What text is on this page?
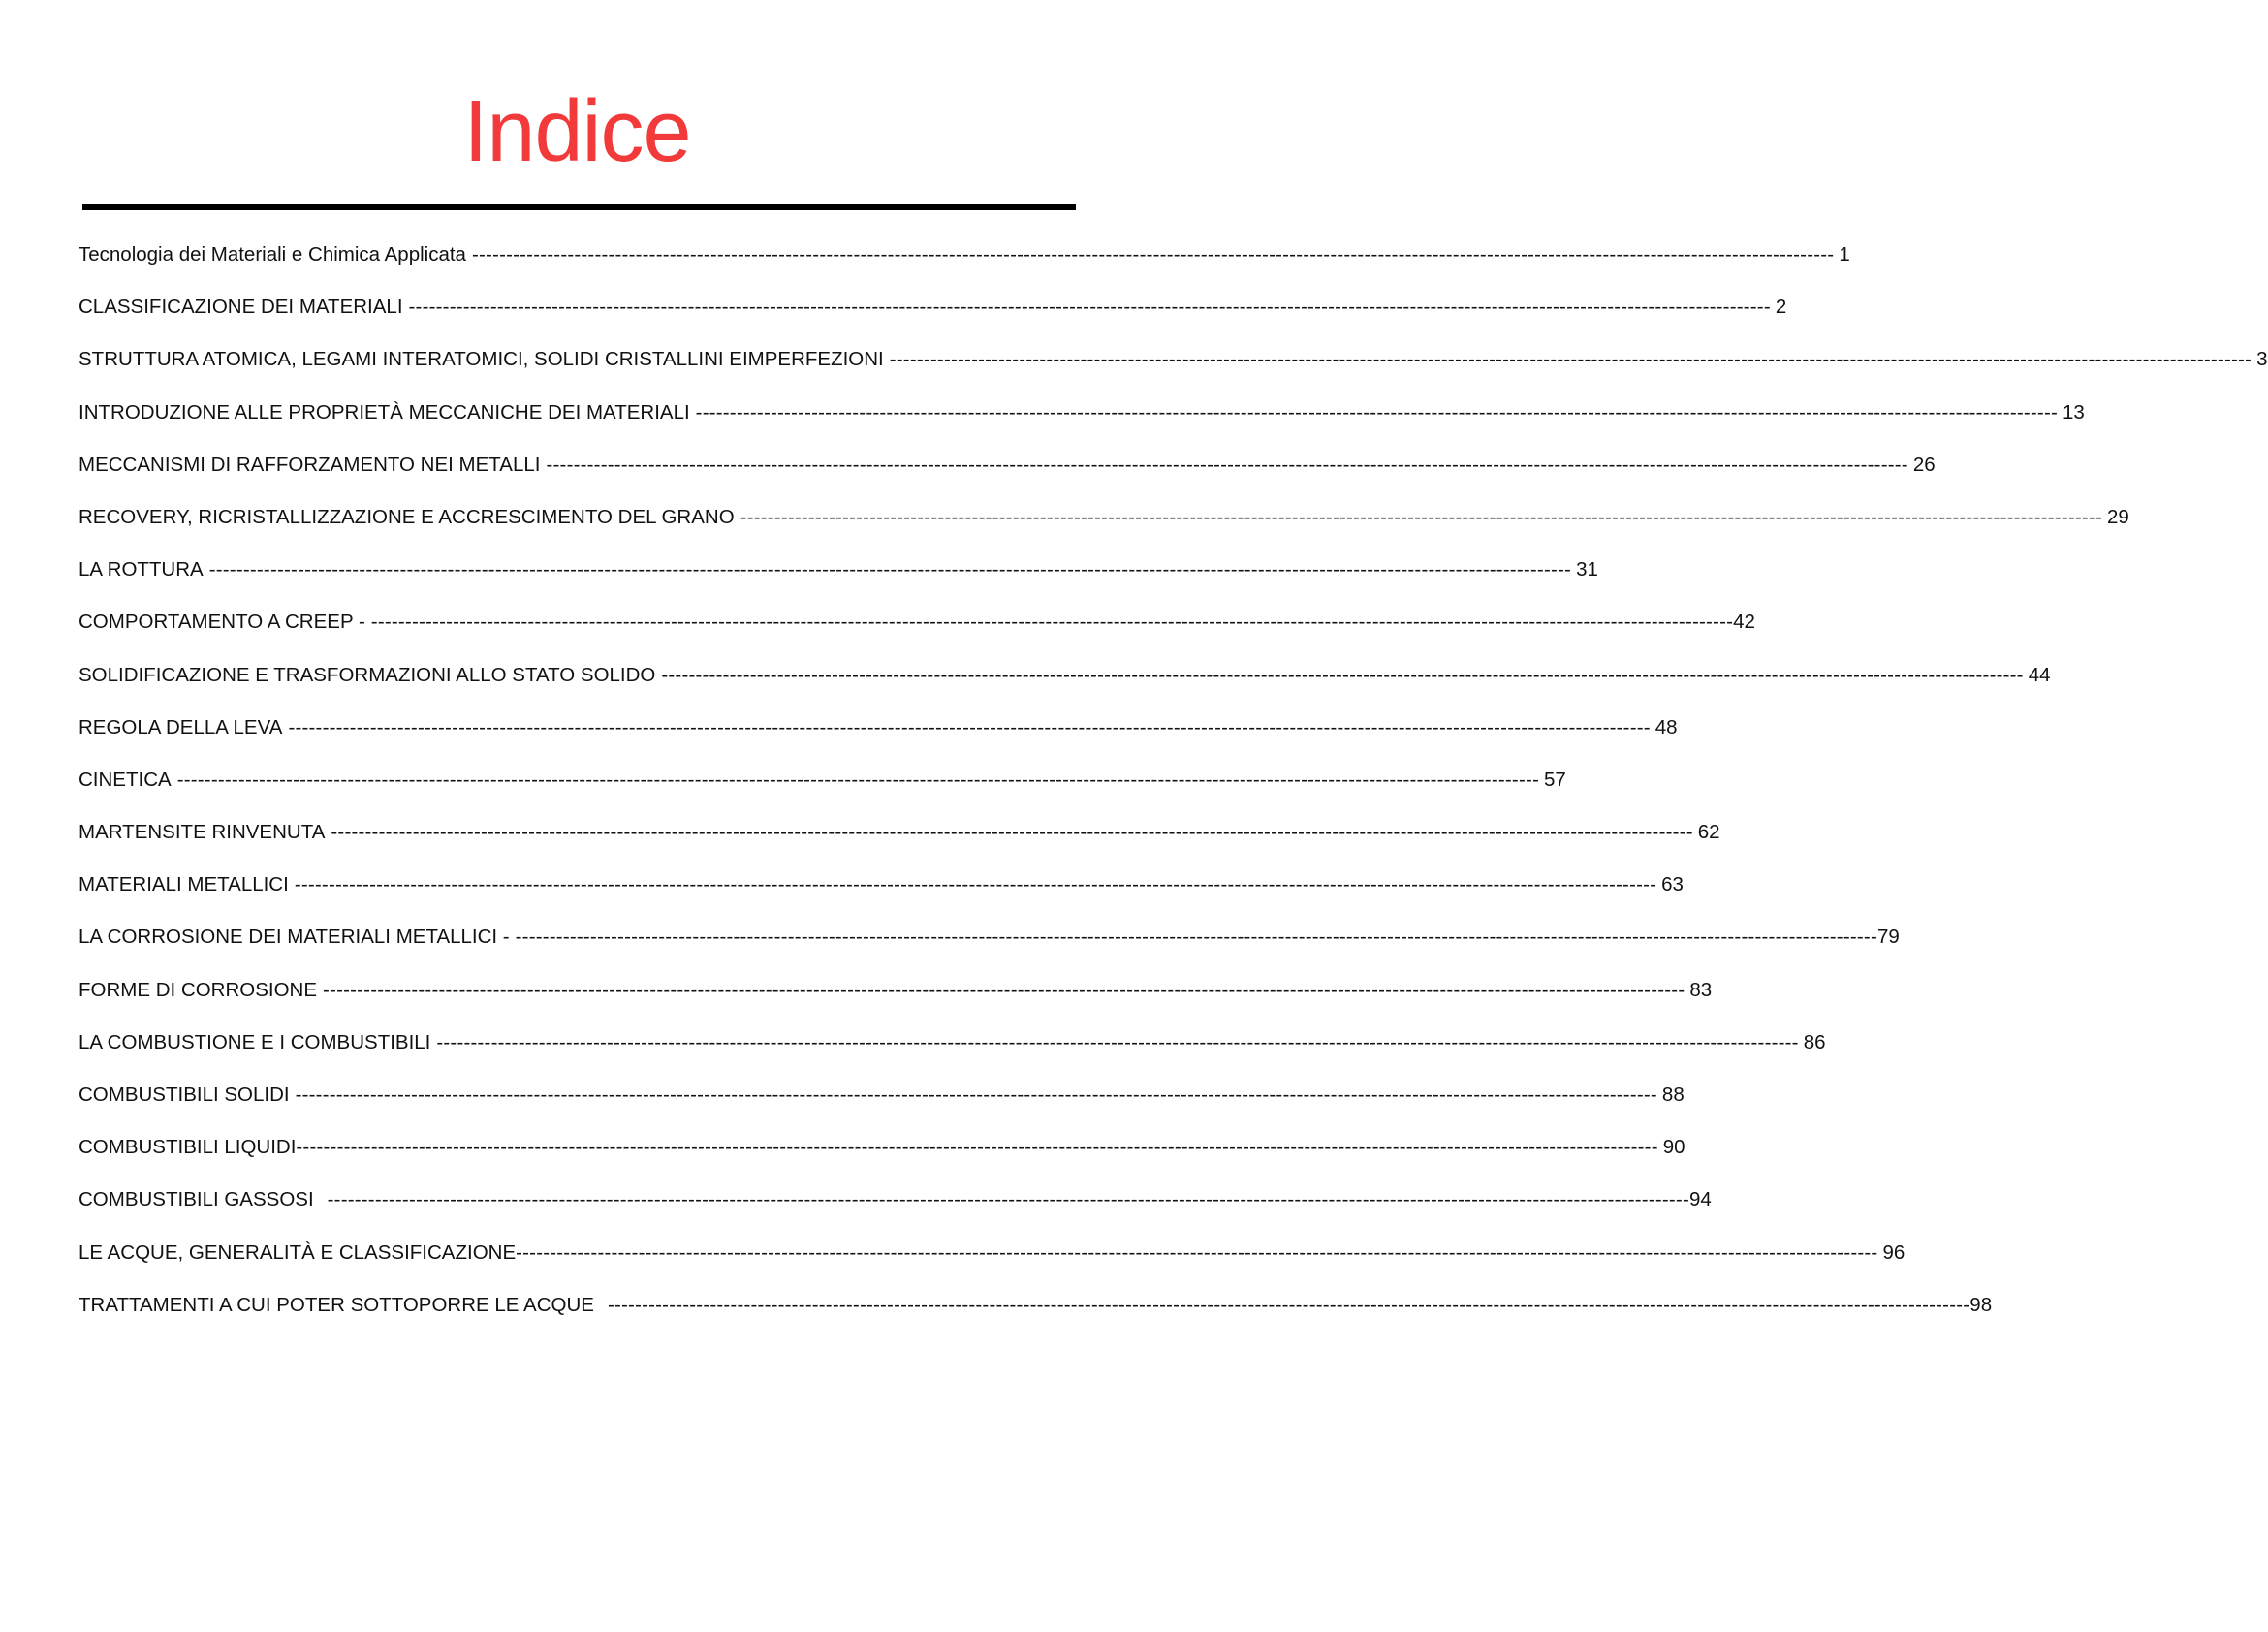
Indice
Tecnologia dei Materiali e Chimica Applicata -------------------------------------------------------------------------------------------------------------------------------------------------------------------------------------------------------- 1
CLASSIFICAZIONE DEI MATERIALI -------------------------------------------------------------------------------------------------------------------------------------------------------------------------------------------------------- 2
STRUTTURA ATOMICA, LEGAMI INTERATOMICI, SOLIDI CRISTALLINI EIMPERFEZIONI -------------------------------------------------------------------------------------------------------------------------------------------------------------------------------------------------------- 3
INTRODUZIONE ALLE PROPRIETÀ MECCANICHE DEI MATERIALI -------------------------------------------------------------------------------------------------------------------------------------------------------------------------------------------------------- 13
MECCANISMI DI RAFFORZAMENTO NEI METALLI -------------------------------------------------------------------------------------------------------------------------------------------------------------------------------------------------------- 26
RECOVERY, RICRISTALLIZZAZIONE E ACCRESCIMENTO DEL GRANO -------------------------------------------------------------------------------------------------------------------------------------------------------------------------------------------------------- 29
LA ROTTURA -------------------------------------------------------------------------------------------------------------------------------------------------------------------------------------------------------- 31
COMPORTAMENTO A CREEP - -------------------------------------------------------------------------------------------------------------------------------------------------------------------------------------------------------- 42
SOLIDIFICAZIONE E TRASFORMAZIONI ALLO STATO SOLIDO -------------------------------------------------------------------------------------------------------------------------------------------------------------------------------------------------------- 44
REGOLA DELLA LEVA -------------------------------------------------------------------------------------------------------------------------------------------------------------------------------------------------------- 48
CINETICA -------------------------------------------------------------------------------------------------------------------------------------------------------------------------------------------------------- 57
MARTENSITE RINVENUTA -------------------------------------------------------------------------------------------------------------------------------------------------------------------------------------------------------- 62
MATERIALI METALLICI -------------------------------------------------------------------------------------------------------------------------------------------------------------------------------------------------------- 63
LA CORROSIONE DEI MATERIALI METALLICI - -------------------------------------------------------------------------------------------------------------------------------------------------------------------------------------------------------- 79
FORME DI CORROSIONE -------------------------------------------------------------------------------------------------------------------------------------------------------------------------------------------------------- 83
LA COMBUSTIONE E I COMBUSTIBILI -------------------------------------------------------------------------------------------------------------------------------------------------------------------------------------------------------- 86
COMBUSTIBILI SOLIDI -------------------------------------------------------------------------------------------------------------------------------------------------------------------------------------------------------- 88
COMBUSTIBILI LIQUIDI -------------------------------------------------------------------------------------------------------------------------------------------------------------------------------------------------------- 90
COMBUSTIBILI GASSOSI -------------------------------------------------------------------------------------------------------------------------------------------------------------------------------------------------------- 94
LE ACQUE, GENERALITÀ E CLASSIFICAZIONE -------------------------------------------------------------------------------------------------------------------------------------------------------------------------------------------------------- 96
TRATTAMENTI A CUI POTER SOTTOPORRE LE ACQUE -------------------------------------------------------------------------------------------------------------------------------------------------------------------------------------------------------- 98
